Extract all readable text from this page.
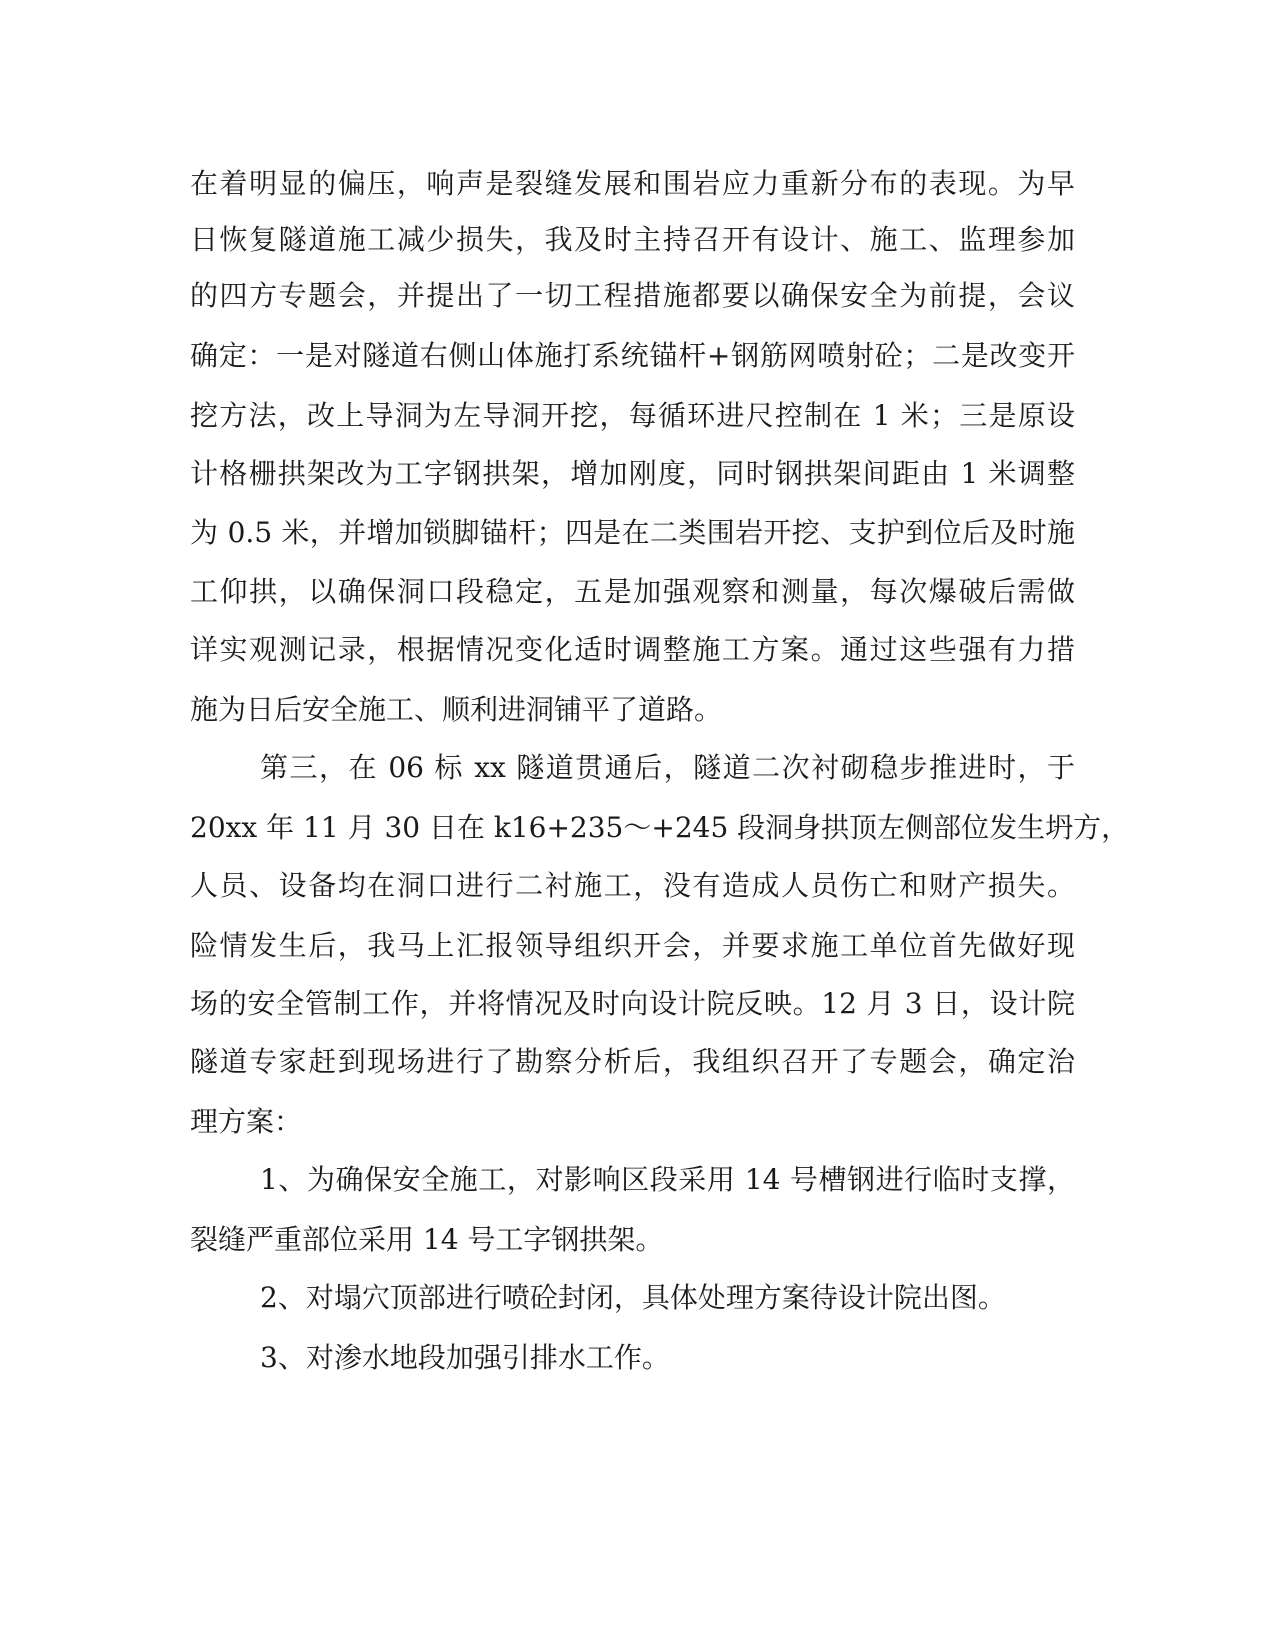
在着明显的偏压，响声是裂缝发展和围岩应力重新分布的表现。为早
日恢复隧道施工减少损失，我及时主持召开有设计、施工、监理参加
的四方专题会，并提出了一切工程措施都要以确保安全为前提，会议
确定：一是对隧道右侧山体施打系统锚杆+钢筋网喷射砼；二是改变开
挖方法，改上导洞为左导洞开挖，每循环进尺控制在 1 米；三是原设
计格栅拱架改为工字钢拱架，增加刚度，同时钢拱架间距由 1 米调整
为 0.5 米，并增加锁脚锚杆；四是在二类围岩开挖、支护到位后及时施
工仰拱，以确保洞口段稳定，五是加强观察和测量，每次爆破后需做
详实观测记录，根据情况变化适时调整施工方案。通过这些强有力措
施为日后安全施工、顺利进洞铺平了道路。
第三，在 06 标 xx 隧道贯通后，隧道二次衬砌稳步推进时，于
20xx 年 11 月 30 日在 k16+235～+245 段洞身拱顶左侧部位发生坍方，
人员、设备均在洞口进行二衬施工，没有造成人员伤亡和财产损失。
险情发生后，我马上汇报领导组织开会，并要求施工单位首先做好现
场的安全管制工作，并将情况及时向设计院反映。12 月 3 日，设计院
隧道专家赶到现场进行了勘察分析后，我组织召开了专题会，确定治
理方案：
1、为确保安全施工，对影响区段采用 14 号槽钢进行临时支撑，
裂缝严重部位采用 14 号工字钢拱架。
2、对塌穴顶部进行喷砼封闭，具体处理方案待设计院出图。
3、对渗水地段加强引排水工作。
